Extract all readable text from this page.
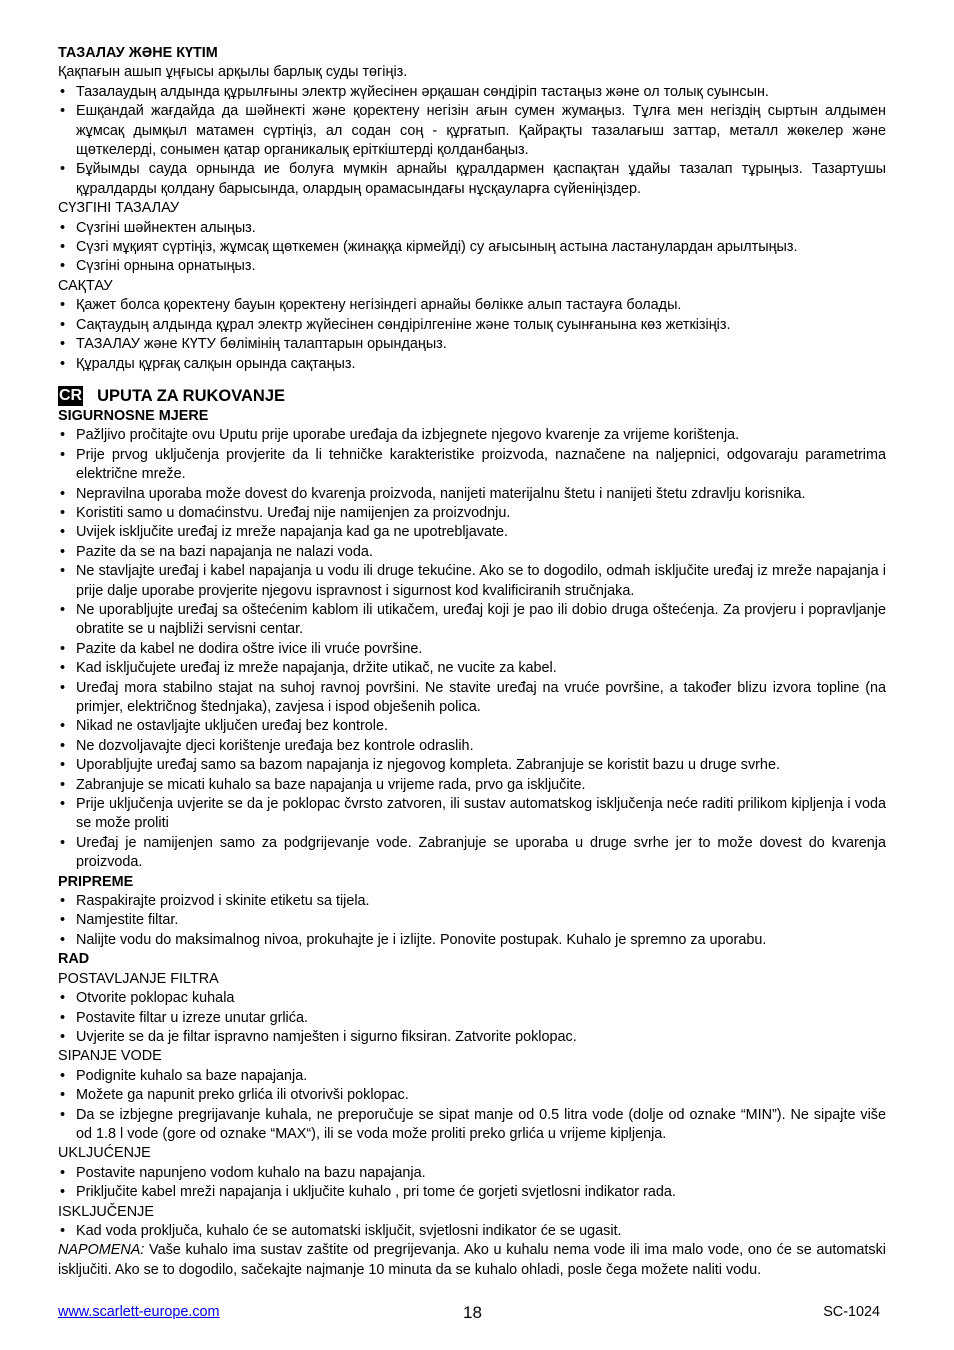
ТАЗАЛАУ ЖӘНЕ КҮТІМ
Қақпағын ашып ұңғысы арқылы барлық суды төгіңіз.
• Тазалаудың алдында құрылғыны электр жүйесінен әрқашан сөндіріп тастаңыз және ол толық суынсын.
• Ешқандай жағдайда да шәйнекті және қоректену негізін ағын сумен жумаңыз. Тұлға мен негіздің сыртын алдымен жұмсақ дымқыл матамен сүртіңіз, ал содан соң - құрғатып. Қайрақты тазалағыш заттар, металл жөкелер және щөткелерді, сонымен қатар органикалық еріткіштерді қолданбаңыз.
• Бұйымды сауда орнында ие болуға мүмкін арнайы құралдармен қаспақтан ұдайы тазалап тұрыңыз. Тазартушы құралдарды қолдану барысында, олардың орамасындағы нұсқауларға сүйеніңіздер.
СҮЗГІНІ ТАЗАЛАУ
• Сүзгіні шәйнектен алыңыз.
• Сүзгі мұқият сүртіңіз, жұмсақ щөткемен (жинаққа кірмейді) су ағысының астына ластанулардан арылтыңыз.
• Сүзгіні орнына орнатыңыз.
САҚТАУ
• Қажет болса қоректену бауын қоректену негізіндегі арнайы бөлікке алып тастауға болады.
• Сақтаудың алдында құрал электр жүйесінен сөндірілгеніне және толық суынғанына көз жеткізіңіз.
• ТАЗАЛАУ және КҮТУ бөлімінің талаптарын орындаңыз.
• Құралды құрғақ салқын орында сақтаңыз.
CR UPUTA ZA RUKOVANJE
SIGURNOSNE MJERE
• Pažljivo pročitajte ovu Uputu prije uporabe uređaja da izbjegnete njegovo kvarenje za vrijeme korištenja.
• Prije prvog uključenja provjerite da li tehničke karakteristike proizvoda, naznačene na naljepnici, odgovaraju parametrima električne mreže.
• Nepravilna uporaba može dovest do kvarenja proizvoda, nanijeti materijalnu štetu i nanijeti štetu zdravlju korisnika.
• Koristiti samo u domaćinstvu. Uređaj nije namijenjen za proizvodnju.
• Uvijek isključite uređaj iz mreže napajanja kad ga ne upotrebljavate.
• Pazite da se na bazi napajanja ne nalazi voda.
• Ne stavljajte uređaj i kabel napajanja u vodu ili druge tekućine. Ako se to dogodilo, odmah isključite uređaj iz mreže napajanja i prije dalje uporabe provjerite njegovu ispravnost i sigurnost kod kvalificiranih stručnjaka.
• Ne uporabljujte uređaj sa oštećenim kablom ili utikačem, uređaj koji je pao ili dobio druga oštećenja. Za provjeru i popravljanje obratite se u najbliži servisni centar.
• Pazite da kabel ne dodira oštre ivice ili vruće površine.
• Kad isključujete uređaj iz mreže napajanja, držite utikač, ne vucite za kabel.
• Uređaj mora stabilno stajat na suhoj ravnoj površini. Ne stavite uređaj na vruće površine, a također blizu izvora topline (na primjer, električnog štednjaka), zavjesa i ispod obješenih polica.
• Nikad ne ostavljajte uključen uređaj bez kontrole.
• Ne dozvoljavajte djeci korištenje uređaja bez kontrole odraslih.
• Uporabljujte uređaj samo sa bazom napajanja iz njegovog kompleta. Zabranjuje se koristit bazu u druge svrhe.
• Zabranjuje se micati kuhalo sa baze napajanja u vrijeme rada, prvo ga isključite.
• Prije uključenja uvjerite se da je poklopac čvrsto zatvoren, ili sustav automatskog isključenja neće raditi prilikom kipljenja i voda se može proliti
• Uređaj je namijenjen samo za podgrijevanje vode. Zabranjuje se uporaba u druge svrhe jer to može dovest do kvarenja proizvoda.
PRIPREME
• Raspakirajte proizvod i skinite etiketu sa tijela.
• Namjestite filtar.
• Nalijte vodu do maksimalnog nivoa, prokuhajte je i izlijte. Ponovite postupak. Kuhalo je spremno za uporabu.
RAD
POSTAVLJANJE FILTRA
• Otvorite poklopac kuhala
• Postavite filtar u izreze unutar grlića.
• Uvjerite se da je filtar ispravno namješten i sigurno fiksiran. Zatvorite poklopac.
SIPANJE VODE
• Podignite kuhalo sa baze napajanja.
• Možete ga napunit preko grlića ili otvorivši poklopac.
• Da se izbjegne pregrijavanje kuhala, ne preporučuje se sipat manje od 0.5 litra vode (dolje od oznake “MIN”). Ne sipajte više od 1.8 l vode (gore od oznake “MAX“), ili se voda može proliti preko grlića u vrijeme kipljenja.
UKLJUĆENJE
• Postavite napunjeno vodom kuhalo na bazu napajanja.
• Priključite kabel mreži napajanja i uključite kuhalo , pri tome će gorjeti svjetlosni indikator rada.
ISKLJUČENJE
• Kad voda proključa, kuhalo će se automatski isključit, svjetlosni indikator će se ugasit.
NAPOMENA: Vaše kuhalo ima sustav zaštite od pregrijevanja. Ako u kuhalu nema vode ili ima malo vode, ono će se automatski isključiti. Ako se to dogodilo, sačekajte najmanje 10 minuta da se kuhalo ohladi, posle čega možete naliti vodu.
www.scarlett-europe.com	18	SC-1024
